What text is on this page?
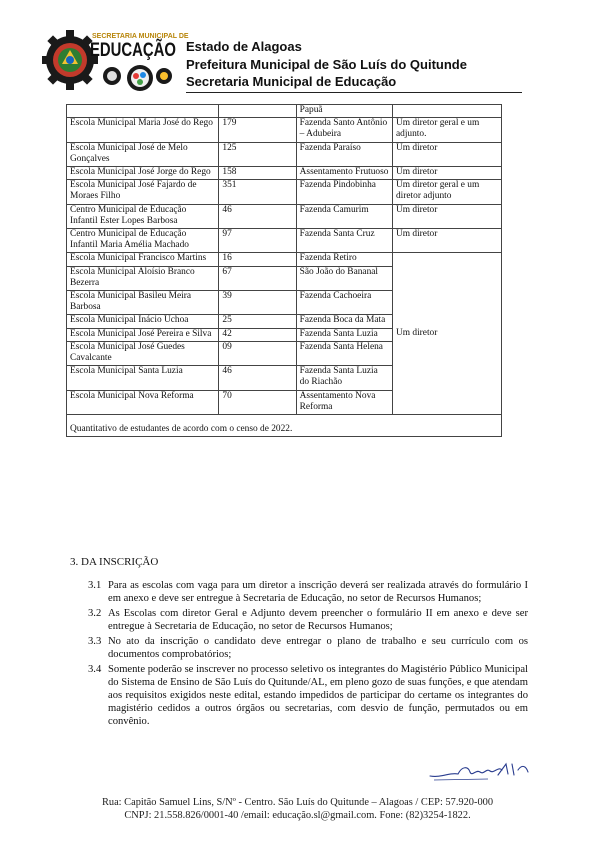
SECRETARIA MUNICIPAL DE
EDUCAÇÃO
Estado de Alagoas
Prefeitura Municipal de São Luís do Quitunde
Secretaria Municipal de Educação
		Papuã	
Escola Municipal Maria José do Rego	179	Fazenda Santo Antônio – Adubeira	Um diretor geral e um adjunto.
Escola Municipal José de Melo Gonçalves	125	Fazenda Paraíso	Um diretor
Escola Municipal José Jorge do Rego	158	Assentamento Frutuoso	Um diretor
Escola Municipal José Fajardo de Moraes Filho	351	Fazenda Pindobinha	Um diretor geral e um diretor adjunto
Centro Municipal de Educação Infantil Ester Lopes Barbosa	46	Fazenda Camurim	Um diretor
Centro Municipal de Educação Infantil Maria Amélia Machado	97	Fazenda Santa Cruz	Um diretor
Escola Municipal Francisco Martins	16	Fazenda Retiro	Um diretor
Escola Municipal Aloísio Branco Bezerra	67	São João do Bananal	
Escola Municipal Basileu Meira Barbosa	39	Fazenda Cachoeira	
Escola Municipal Inácio Uchoa	25	Fazenda Boca da Mata	
Escola Municipal José Pereira e Silva	42	Fazenda Santa Luzia	
Escola Municipal José Guedes Cavalcante	09	Fazenda Santa Helena	
Escola Municipal Santa Luzia	46	Fazenda Santa Luzia do Riachão	
Escola Municipal Nova Reforma	70	Assentamento Nova Reforma	
Quantitativo de estudantes de acordo com o censo de 2022.			
3. DA INSCRIÇÃO
3.1 Para as escolas com vaga para um diretor a inscrição deverá ser realizada através do formulário I em anexo e deve ser entregue à Secretaria de Educação, no setor de Recursos Humanos;
3.2 As Escolas com diretor Geral e Adjunto devem preencher o formulário II em anexo e deve ser entregue à Secretaria de Educação, no setor de Recursos Humanos;
3.3 No ato da inscrição o candidato deve entregar o plano de trabalho e seu currículo com os documentos comprobatórios;
3.4 Somente poderão se inscrever no processo seletivo os integrantes do Magistério Público Municipal do Sistema de Ensino de São Luís do Quitunde/AL, em pleno gozo de suas funções, e que atendam aos requisitos exigidos neste edital, estando impedidos de participar do certame os integrantes do magistério cedidos a outros órgãos ou secretarias, com desvio de função, permutados ou em convênio.
Rua: Capitão Samuel Lins, S/Nº - Centro. São Luís do Quitunde – Alagoas / CEP: 57.920-000
CNPJ: 21.558.826/0001-40 /email: educação.sl@gmail.com. Fone: (82)3254-1822.
